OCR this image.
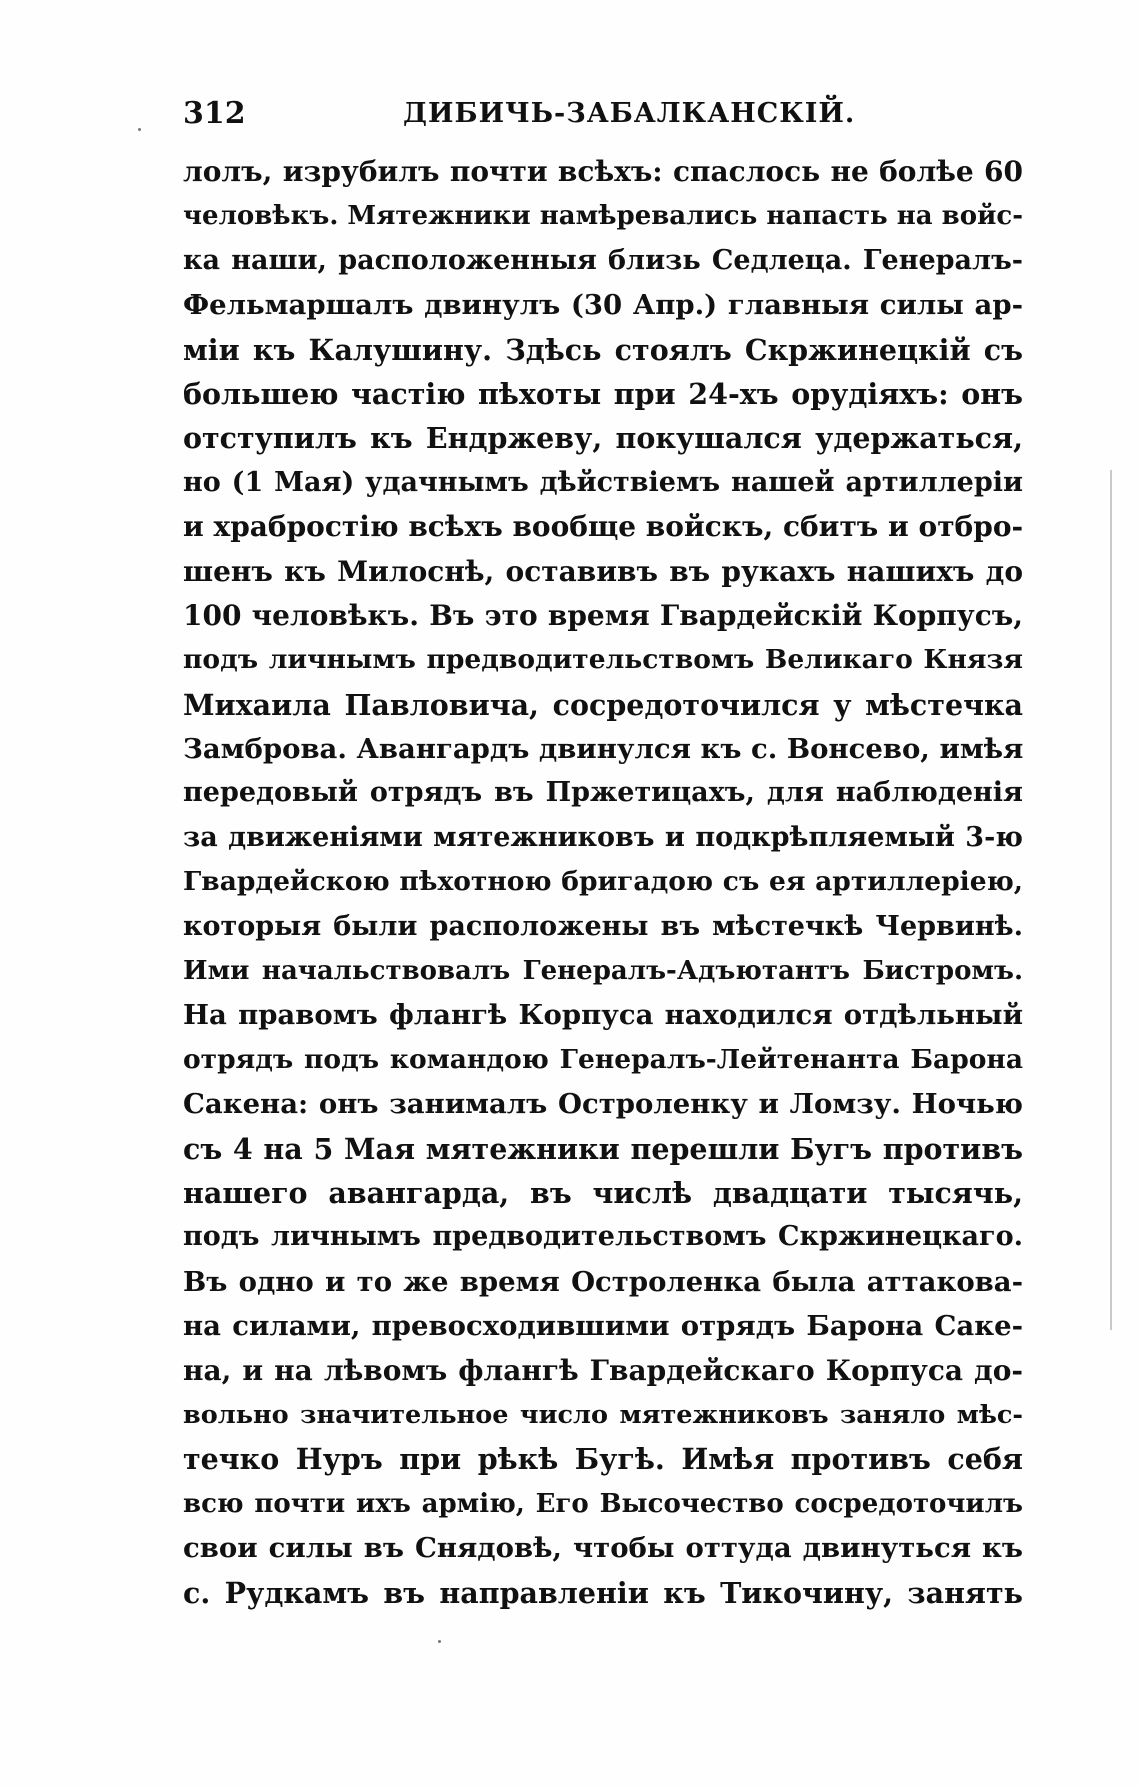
312	ДИБИЧЬ-ЗАБАЛКАНСКІЙ.
лолъ, изрубилъ почти всѣхъ: спаслось не болѣе 60
человѣкъ. Мятежники намѣревались напасть на войс-
ка наши, расположенныя близь Седлеца. Генералъ-
Фельмаршалъ двинулъ (30 Апр.) главныя силы ар-
міи къ Калушину. Здѣсь стоялъ Скржинецкій съ
большею частію пѣхоты при 24-хъ орудіяхъ: онъ
отступилъ къ Ендржеву, покушался удержаться,
но (1 Мая) удачнымъ дѣйствіемъ нашей артиллеріи
и храбростію всѣхъ вообще войскъ, сбитъ и отбро-
шенъ къ Милоснѣ, оставивъ въ рукахъ нашихъ до
100 человѣкъ. Въ это время Гвардейскій Корпусъ,
подъ личнымъ предводительствомъ Великаго Князя
Михаила Павловича, сосредоточился у мѣстечка
Замброва. Авангардъ двинулся къ с. Вонсево, имѣя
передовый отрядъ въ Пржетицахъ, для наблюденія
за движеніями мятежниковъ и подкрѣпляемый 3-ю
Гвардейскою пѣхотною бригадою съ ея артиллеріею,
которыя были расположены въ мѣстечкѣ Червинѣ.
Ими начальствовалъ Генералъ-Адъютантъ Бистромъ.
На правомъ флангѣ Корпуса находился отдѣльный
отрядъ подъ командою Генералъ-Лейтенанта Барона
Сакена: онъ занималъ Остроленку и Ломзу. Ночью
съ 4 на 5 Мая мятежники перешли Бугъ противъ
нашего авангарда, въ числѣ двадцати тысячь,
подъ личнымъ предводительствомъ Скржинецкаго.
Въ одно и то же время Остроленка была аттакова-
на силами, превосходившими отрядъ Барона Саке-
на, и на лѣвомъ флангѣ Гвардейскаго Корпуса до-
вольно значительное число мятежниковъ заняло мѣс-
течко Нуръ при рѣкѣ Бугѣ. Имѣя противъ себя
всю почти ихъ армію, Его Высочество сосредоточилъ
свои силы въ Снядовѣ, чтобы оттуда двинуться къ
с. Рудкамъ въ направленіи къ Тикочину, занять
